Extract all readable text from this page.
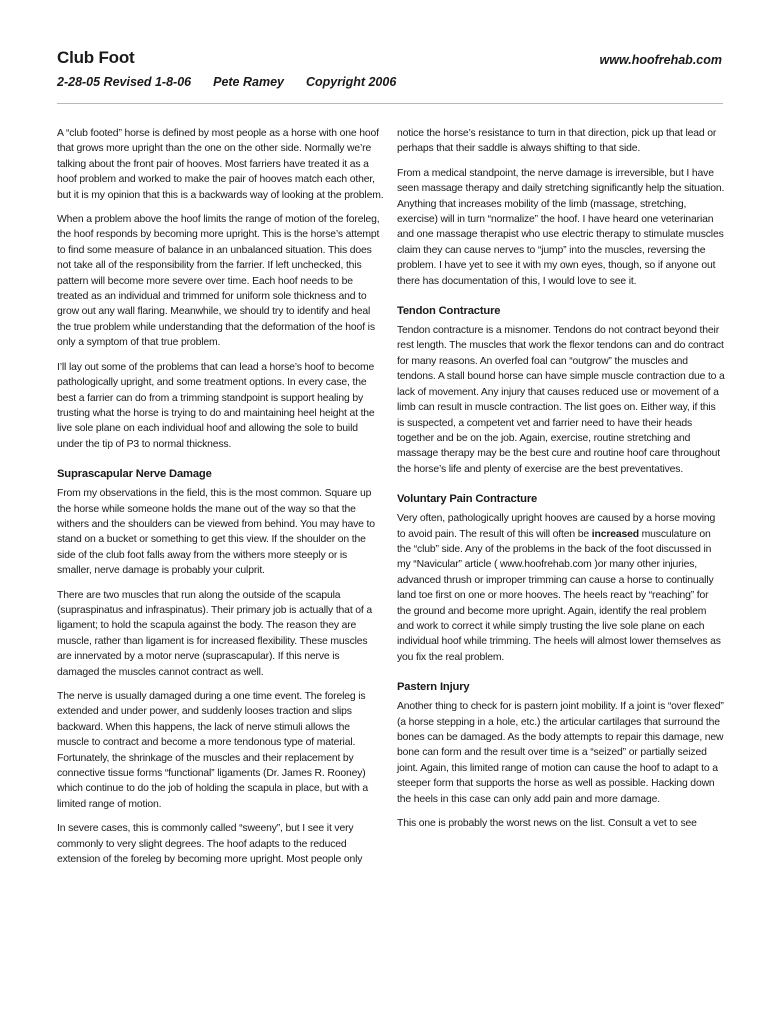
Club Foot	www.hoofrehab.com
2-28-05 Revised 1-8-06 Pete Ramey Copyright 2006

A “club footed” horse is defined by most people as a horse with one hoof that grows more upright than the one on the other side. Normally we’re talking about the front pair of hooves. Most farriers have treated it as a hoof problem and worked to make the pair of hooves match each other, but it is my opinion that this is a backwards way of looking at the problem.

When a problem above the hoof limits the range of motion of the foreleg, the hoof responds by becoming more upright. This is the horse’s attempt to find some measure of balance in an unbalanced situation. This does not take all of the responsibility from the farrier. If left unchecked, this pattern will become more severe over time. Each hoof needs to be treated as an individual and trimmed for uniform sole thickness and to grow out any wall flaring. Meanwhile, we should try to identify and heal the true problem while understanding that the deformation of the hoof is only a symptom of that true problem.

I’ll lay out some of the problems that can lead a horse’s hoof to become pathologically upright, and some treatment options. In every case, the best a farrier can do from a trimming standpoint is support healing by trusting what the horse is trying to do and maintaining heel height at the live sole plane on each individual hoof and allowing the sole to build under the tip of P3 to normal thickness.

Suprascapular Nerve Damage

From my observations in the field, this is the most common. Square up the horse while someone holds the mane out of the way so that the withers and the shoulders can be viewed from behind. You may have to stand on a bucket or something to get this view. If the shoulder on the side of the club foot falls away from the withers more steeply or is smaller, nerve damage is probably your culprit.

There are two muscles that run along the outside of the scapula (supraspinatus and infraspinatus). Their primary job is actually that of a ligament; to hold the scapula against the body. The reason they are muscle, rather than ligament is for increased flexibility. These muscles are innervated by a motor nerve (suprascapular). If this nerve is damaged the muscles cannot contract as well.

The nerve is usually damaged during a one time event. The foreleg is extended and under power, and suddenly looses traction and slips backward. When this happens, the lack of nerve stimuli allows the muscle to contract and become a more tendonous type of material. Fortunately, the shrinkage of the muscles and their replacement by connective tissue forms “functional” ligaments (Dr. James R. Rooney) which continue to do the job of holding the scapula in place, but with a limited range of motion.

In severe cases, this is commonly called “sweeny”, but I see it very commonly to very slight degrees. The hoof adapts to the reduced extension of the foreleg by becoming more upright. Most people only

notice the horse’s resistance to turn in that direction, pick up that lead or perhaps that their saddle is always shifting to that side.

From a medical standpoint, the nerve damage is irreversible, but I have seen massage therapy and daily stretching significantly help the situation. Anything that increases mobility of the limb (massage, stretching, exercise) will in turn “normalize” the hoof. I have heard one veterinarian and one massage therapist who use electric therapy to stimulate muscles claim they can cause nerves to “jump” into the muscles, reversing the problem. I have yet to see it with my own eyes, though, so if anyone out there has documentation of this, I would love to see it.

Tendon Contracture

Tendon contracture is a misnomer. Tendons do not contract beyond their rest length. The muscles that work the flexor tendons can and do contract for many reasons. An overfed foal can “outgrow” the muscles and tendons. A stall bound horse can have simple muscle contraction due to a lack of movement. Any injury that causes reduced use or movement of a limb can result in muscle contraction. The list goes on. Either way, if this is suspected, a competent vet and farrier need to have their heads together and be on the job. Again, exercise, routine stretching and massage therapy may be the best cure and routine hoof care throughout the horse’s life and plenty of exercise are the best preventatives.

Voluntary Pain Contracture

Very often, pathologically upright hooves are caused by a horse moving to avoid pain. The result of this will often be increased musculature on the “club” side. Any of the problems in the back of the foot discussed in my “Navicular” article ( www.hoofrehab.com )or many other injuries, advanced thrush or improper trimming can cause a horse to continually land toe first on one or more hooves. The heels react by “reaching” for the ground and become more upright. Again, identify the real problem and work to correct it while simply trusting the live sole plane on each individual hoof while trimming. The heels will almost lower themselves as you fix the real problem.

Pastern Injury

Another thing to check for is pastern joint mobility. If a joint is “over flexed” (a horse stepping in a hole, etc.) the articular cartilages that surround the bones can be damaged. As the body attempts to repair this damage, new bone can form and the result over time is a “seized” or partially seized joint. Again, this limited range of motion can cause the hoof to adapt to a steeper form that supports the horse as well as possible. Hacking down the heels in this case can only add pain and more damage.

This one is probably the worst news on the list. Consult a vet to see
